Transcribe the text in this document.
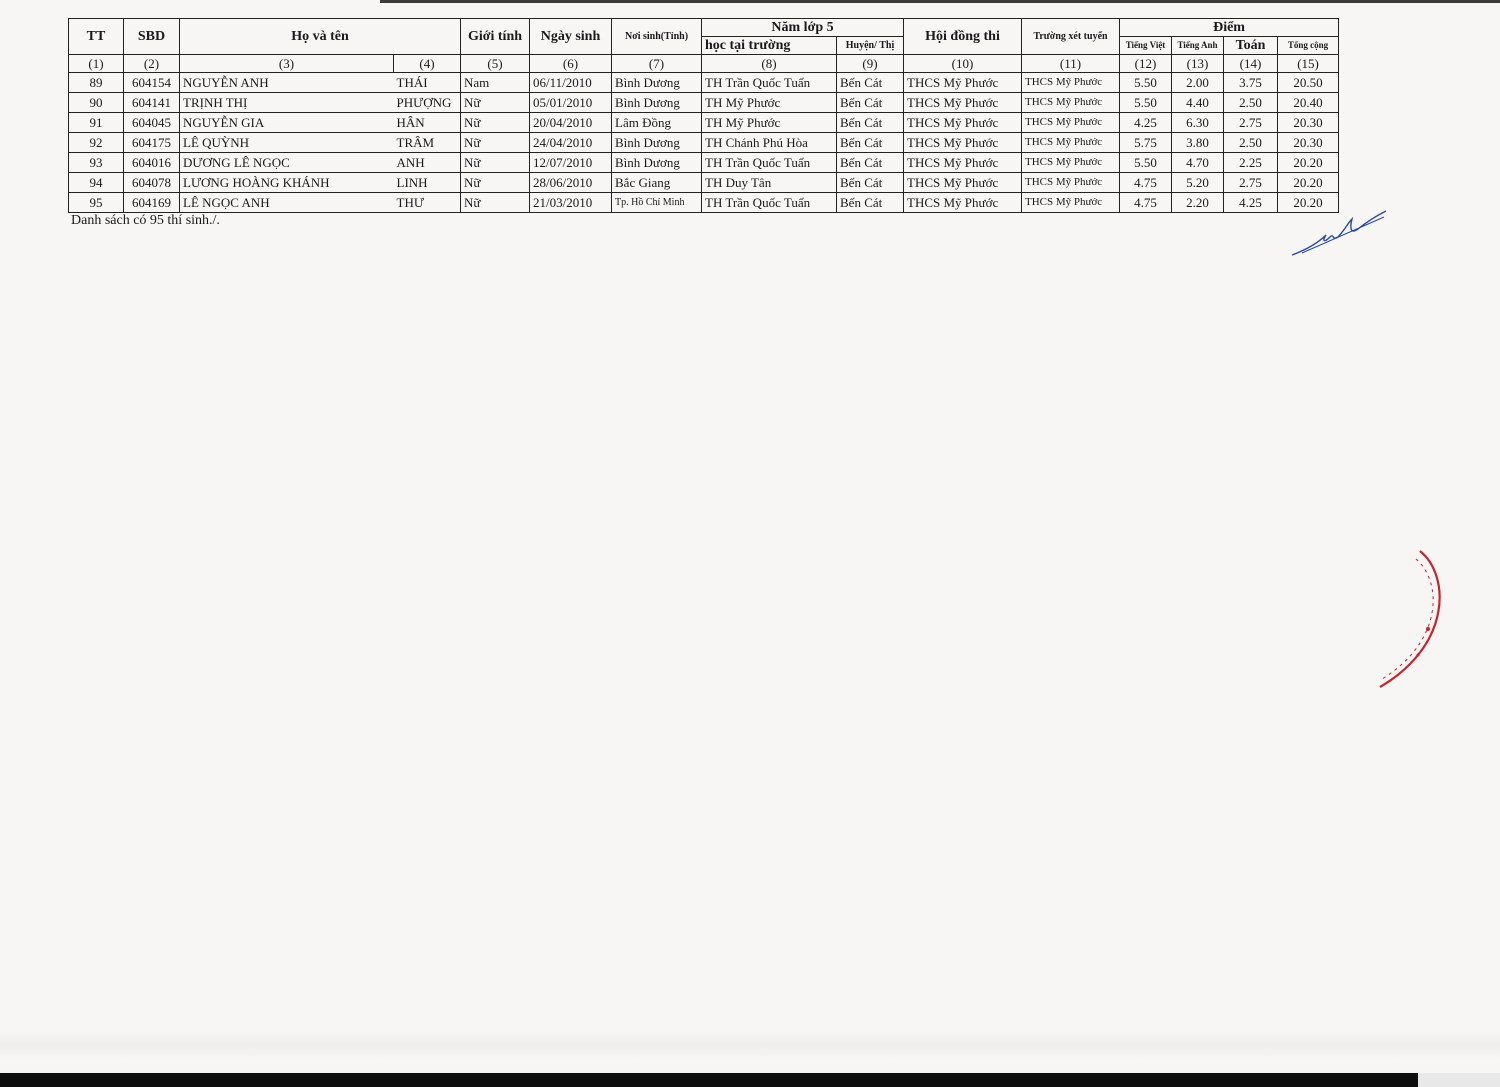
TT	SBD	Họ và tên		Giới tính	Ngày sinh	Nơi sinh(Tỉnh)	Năm lớp 5		Hội đồng thi	Trường xét tuyển	Điểm			
							học tại trường	Huyện/ Thị			Tiếng Việt	Tiếng Anh	Toán	Tổng cộng
(1)	(2)	(3)	(4)	(5)	(6)	(7)	(8)	(9)	(10)	(11)	(12)	(13)	(14)	(15)
89	604154	NGUYỄN ANH	THÁI	Nam	06/11/2010	Bình Dương	TH Trần Quốc Tuấn	Bến Cát	THCS Mỹ Phước	THCS Mỹ Phước	5.50	2.00	3.75	20.50
90	604141	TRỊNH THỊ	PHƯỢNG	Nữ	05/01/2010	Bình Dương	TH Mỹ Phước	Bến Cát	THCS Mỹ Phước	THCS Mỹ Phước	5.50	4.40	2.50	20.40
91	604045	NGUYỄN GIA	HÂN	Nữ	20/04/2010	Lâm Đồng	TH Mỹ Phước	Bến Cát	THCS Mỹ Phước	THCS Mỹ Phước	4.25	6.30	2.75	20.30
92	604175	LÊ QUỲNH	TRÂM	Nữ	24/04/2010	Bình Dương	TH Chánh Phú Hòa	Bến Cát	THCS Mỹ Phước	THCS Mỹ Phước	5.75	3.80	2.50	20.30
93	604016	DƯƠNG LÊ NGỌC	ANH	Nữ	12/07/2010	Bình Dương	TH Trần Quốc Tuấn	Bến Cát	THCS Mỹ Phước	THCS Mỹ Phước	5.50	4.70	2.25	20.20
94	604078	LƯƠNG HOÀNG KHÁNH	LINH	Nữ	28/06/2010	Bắc Giang	TH Duy Tân	Bến Cát	THCS Mỹ Phước	THCS Mỹ Phước	4.75	5.20	2.75	20.20
95	604169	LÊ NGỌC ANH	THƯ	Nữ	21/03/2010	Tp. Hồ Chí Minh	TH Trần Quốc Tuấn	Bến Cát	THCS Mỹ Phước	THCS Mỹ Phước	4.75	2.20	4.25	20.20
Danh sách có 95 thí sinh./.
